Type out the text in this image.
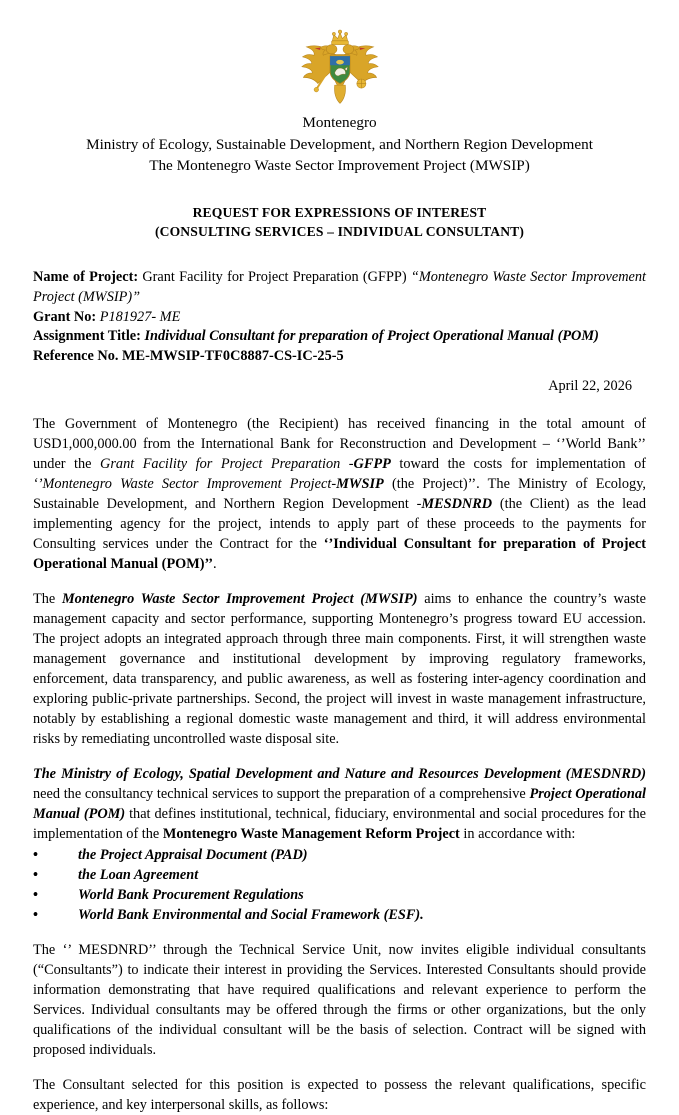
Montenegro
Ministry of Ecology, Sustainable Development, and Northern Region Development
The Montenegro Waste Sector Improvement Project (MWSIP)
REQUEST FOR EXPRESSIONS OF INTEREST
(CONSULTING SERVICES – INDIVIDUAL CONSULTANT)
Name of Project: Grant Facility for Project Preparation (GFPP) “Montenegro Waste Sector Improvement Project (MWSIP)”
Grant No: P181927- ME
Assignment Title: Individual Consultant for preparation of Project Operational Manual (POM)
Reference No. ME-MWSIP-TF0C8887-CS-IC-25-5
April 22, 2026
The Government of Montenegro (the Recipient) has received financing in the total amount of USD1,000,000.00 from the International Bank for Reconstruction and Development – ‘’World Bank’’ under the Grant Facility for Project Preparation -GFPP toward the costs for implementation of ‘’Montenegro Waste Sector Improvement Project-MWSIP (the Project)’’. The Ministry of Ecology, Sustainable Development, and Northern Region Development -MESDNRD (the Client) as the lead implementing agency for the project, intends to apply part of these proceeds to the payments for Consulting services under the Contract for the ‘’Individual Consultant for preparation of Project Operational Manual (POM)’’.
The Montenegro Waste Sector Improvement Project (MWSIP) aims to enhance the country’s waste management capacity and sector performance, supporting Montenegro’s progress toward EU accession. The project adopts an integrated approach through three main components. First, it will strengthen waste management governance and institutional development by improving regulatory frameworks, enforcement, data transparency, and public awareness, as well as fostering inter-agency coordination and exploring public-private partnerships. Second, the project will invest in waste management infrastructure, notably by establishing a regional domestic waste management and third, it will address environmental risks by remediating uncontrolled waste disposal site.
The Ministry of Ecology, Spatial Development and Nature and Resources Development (MESDNRD) need the consultancy technical services to support the preparation of a comprehensive Project Operational Manual (POM) that defines institutional, technical, fiduciary, environmental and social procedures for the implementation of the Montenegro Waste Management Reform Project in accordance with:
•	the Project Appraisal Document (PAD)
•	the Loan Agreement
•	World Bank Procurement Regulations
•	World Bank Environmental and Social Framework (ESF).
The ‘’ MESDNRD’’ through the Technical Service Unit, now invites eligible individual consultants (“Consultants”) to indicate their interest in providing the Services. Interested Consultants should provide information demonstrating that have required qualifications and relevant experience to perform the Services. Individual consultants may be offered through the firms or other organizations, but the only qualifications of the individual consultant will be the basis of selection. Contract will be signed with proposed individuals.
The Consultant selected for this position is expected to possess the relevant qualifications, specific experience, and key interpersonal skills, as follows:
